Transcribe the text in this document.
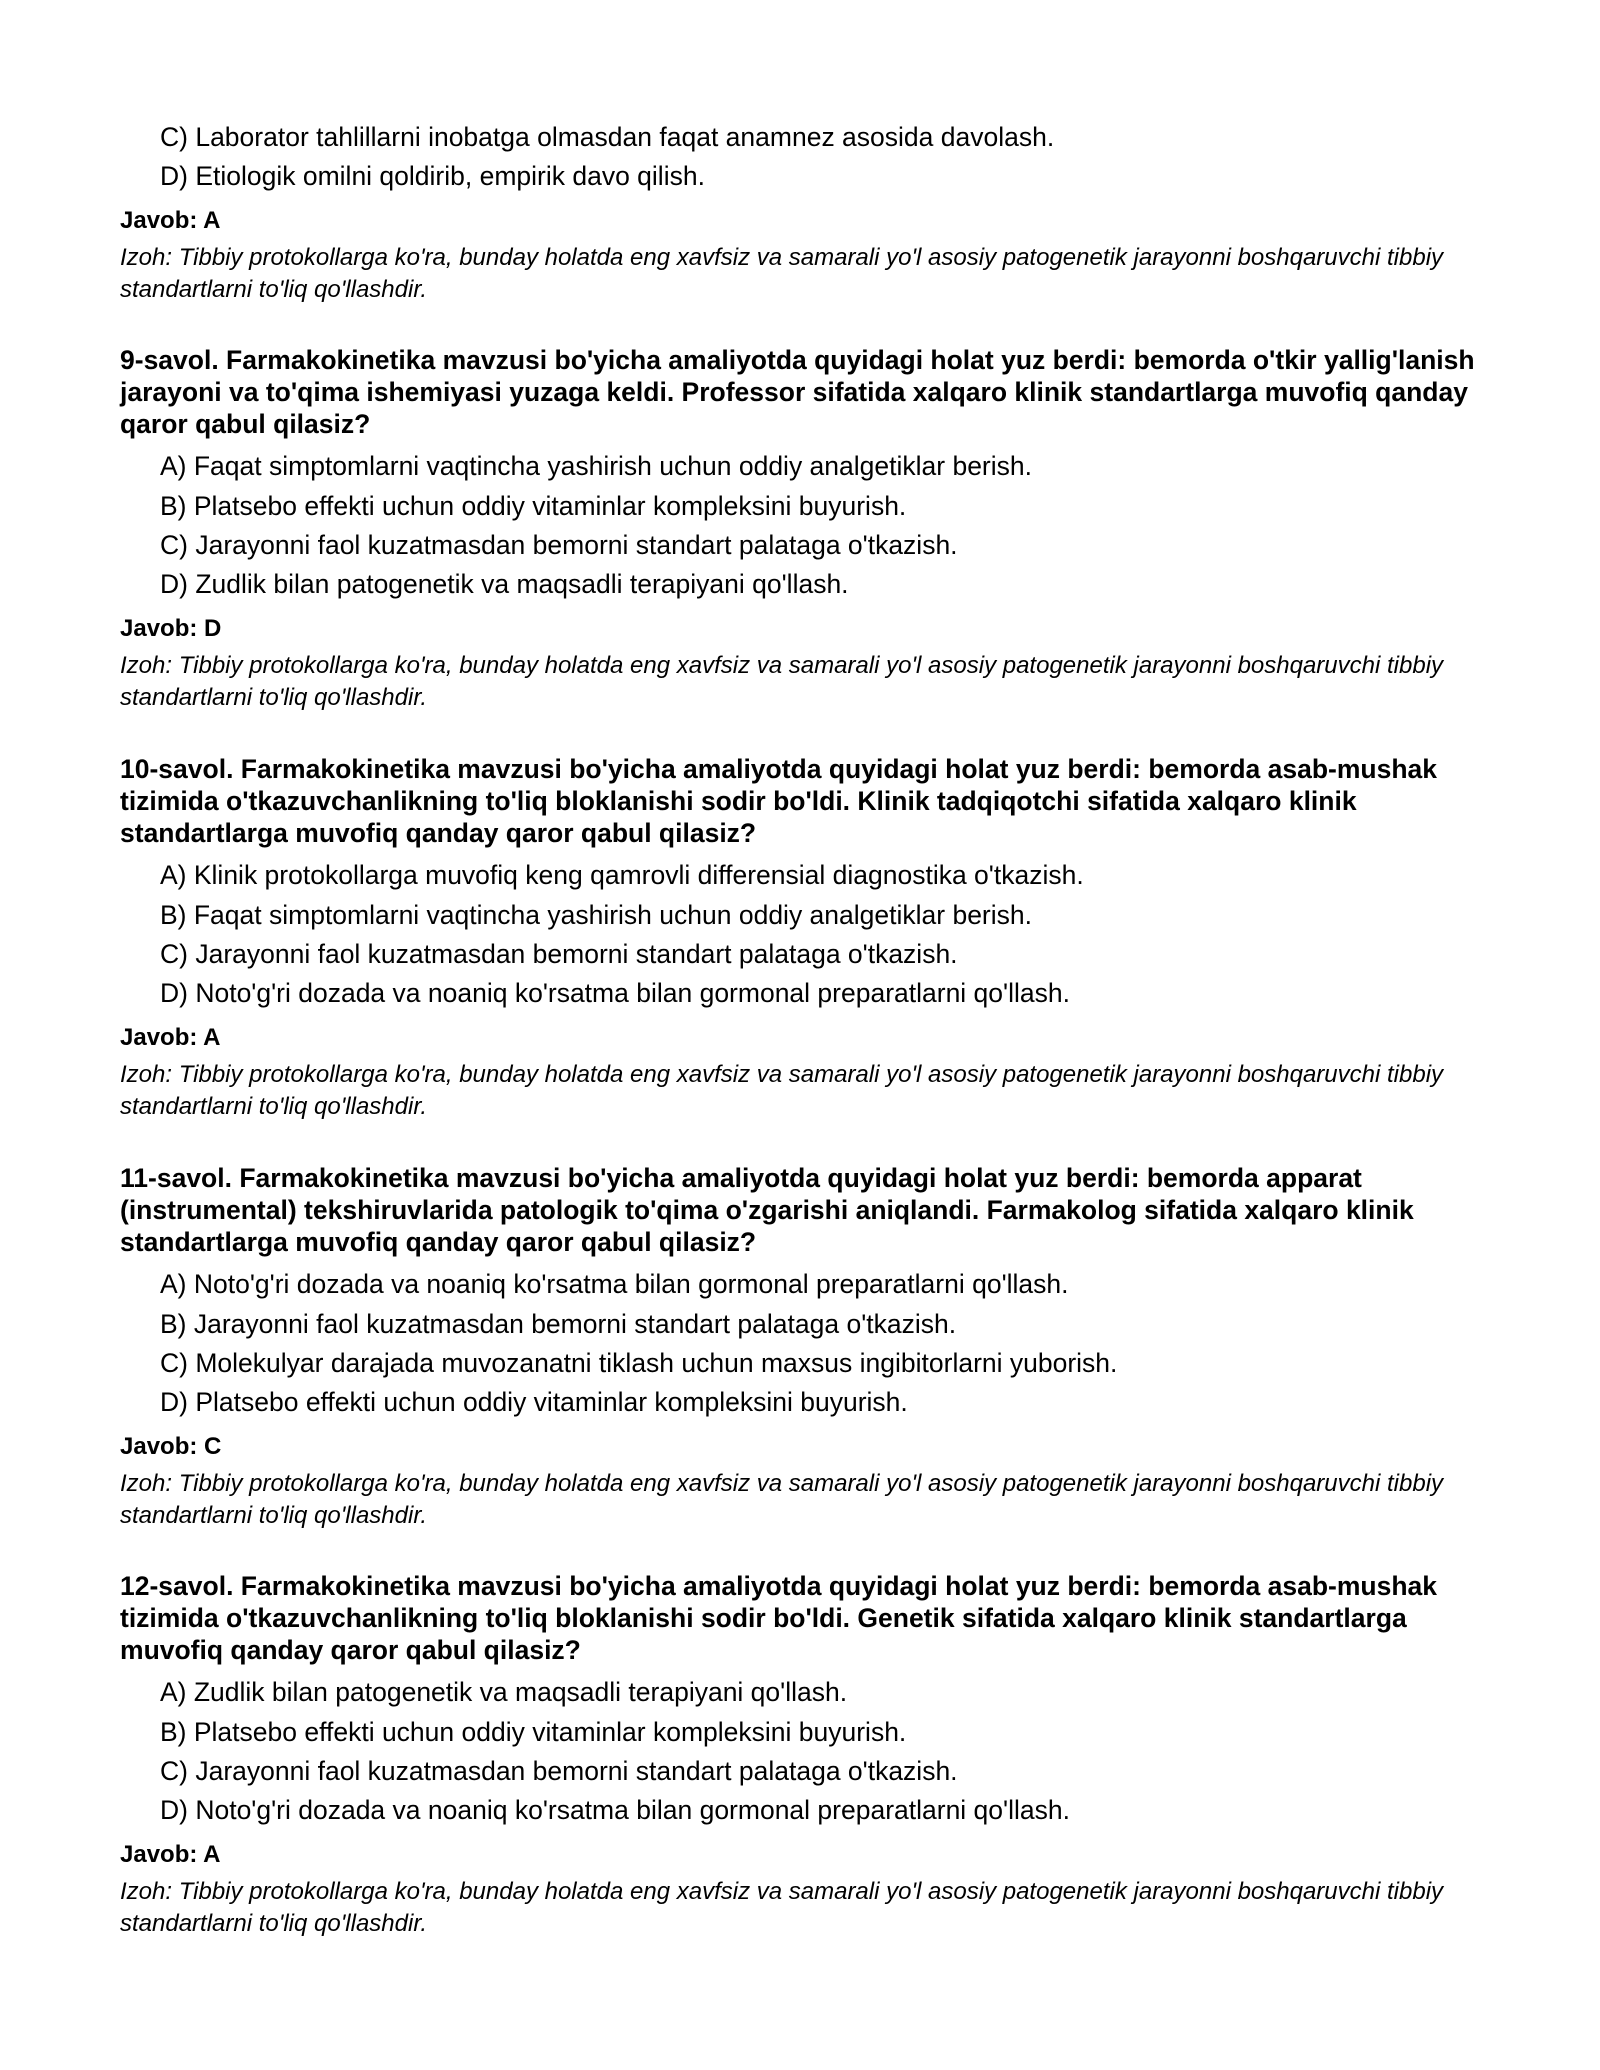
C) Laborator tahlillarni inobatga olmasdan faqat anamnez asosida davolash.
D) Etiologik omilni qoldirib, empirik davo qilish.
Javob: A
Izoh: Tibbiy protokollarga ko'ra, bunday holatda eng xavfsiz va samarali yo'l asosiy patogenetik jarayonni boshqaruvchi tibbiy standartlarni to'liq qo'llashdir.
9-savol. Farmakokinetika mavzusi bo'yicha amaliyotda quyidagi holat yuz berdi: bemorda o'tkir yallig'lanish jarayoni va to'qima ishemiyasi yuzaga keldi. Professor sifatida xalqaro klinik standartlarga muvofiq qanday qaror qabul qilasiz?
A) Faqat simptomlarni vaqtincha yashirish uchun oddiy analgetiklar berish.
B) Platsebo effekti uchun oddiy vitaminlar kompleksini buyurish.
C) Jarayonni faol kuzatmasdan bemorni standart palataga o'tkazish.
D) Zudlik bilan patogenetik va maqsadli terapiyani qo'llash.
Javob: D
Izoh: Tibbiy protokollarga ko'ra, bunday holatda eng xavfsiz va samarali yo'l asosiy patogenetik jarayonni boshqaruvchi tibbiy standartlarni to'liq qo'llashdir.
10-savol. Farmakokinetika mavzusi bo'yicha amaliyotda quyidagi holat yuz berdi: bemorda asab-mushak tizimida o'tkazuvchanlikning to'liq bloklanishi sodir bo'ldi. Klinik tadqiqotchi sifatida xalqaro klinik standartlarga muvofiq qanday qaror qabul qilasiz?
A) Klinik protokollarga muvofiq keng qamrovli differensial diagnostika o'tkazish.
B) Faqat simptomlarni vaqtincha yashirish uchun oddiy analgetiklar berish.
C) Jarayonni faol kuzatmasdan bemorni standart palataga o'tkazish.
D) Noto'g'ri dozada va noaniq ko'rsatma bilan gormonal preparatlarni qo'llash.
Javob: A
Izoh: Tibbiy protokollarga ko'ra, bunday holatda eng xavfsiz va samarali yo'l asosiy patogenetik jarayonni boshqaruvchi tibbiy standartlarni to'liq qo'llashdir.
11-savol. Farmakokinetika mavzusi bo'yicha amaliyotda quyidagi holat yuz berdi: bemorda apparat (instrumental) tekshiruvlarida patologik to'qima o'zgarishi aniqlandi. Farmakolog sifatida xalqaro klinik standartlarga muvofiq qanday qaror qabul qilasiz?
A) Noto'g'ri dozada va noaniq ko'rsatma bilan gormonal preparatlarni qo'llash.
B) Jarayonni faol kuzatmasdan bemorni standart palataga o'tkazish.
C) Molekulyar darajada muvozanatni tiklash uchun maxsus ingibitorlarni yuborish.
D) Platsebo effekti uchun oddiy vitaminlar kompleksini buyurish.
Javob: C
Izoh: Tibbiy protokollarga ko'ra, bunday holatda eng xavfsiz va samarali yo'l asosiy patogenetik jarayonni boshqaruvchi tibbiy standartlarni to'liq qo'llashdir.
12-savol. Farmakokinetika mavzusi bo'yicha amaliyotda quyidagi holat yuz berdi: bemorda asab-mushak tizimida o'tkazuvchanlikning to'liq bloklanishi sodir bo'ldi. Genetik sifatida xalqaro klinik standartlarga muvofiq qanday qaror qabul qilasiz?
A) Zudlik bilan patogenetik va maqsadli terapiyani qo'llash.
B) Platsebo effekti uchun oddiy vitaminlar kompleksini buyurish.
C) Jarayonni faol kuzatmasdan bemorni standart palataga o'tkazish.
D) Noto'g'ri dozada va noaniq ko'rsatma bilan gormonal preparatlarni qo'llash.
Javob: A
Izoh: Tibbiy protokollarga ko'ra, bunday holatda eng xavfsiz va samarali yo'l asosiy patogenetik jarayonni boshqaruvchi tibbiy standartlarni to'liq qo'llashdir.
